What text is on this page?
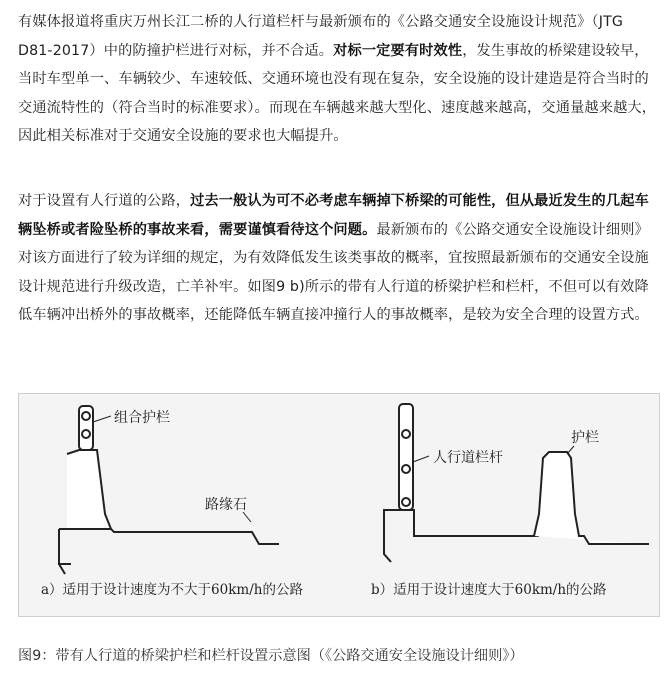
有媒体报道将重庆万州长江二桥的人行道栏杆与最新颁布的《公路交通安全设施设计规范》（JTG D81-2017）中的防撞护栏进行对标，并不合适。对标一定要有时效性，发生事故的桥梁建设较早，当时车型单一、车辆较少、车速较低、交通环境也没有现在复杂，安全设施的设计建造是符合当时的交通流特性的（符合当时的标准要求）。而现在车辆越来越大型化、速度越来越高，交通量越来越大，因此相关标准对于交通安全设施的要求也大幅提升。
对于设置有人行道的公路，过去一般认为可不必考虑车辆掉下桥梁的可能性，但从最近发生的几起车辆坠桥或者险坠桥的事故来看，需要谨慎看待这个问题。最新颁布的《公路交通安全设施设计细则》对该方面进行了较为详细的规定，为有效降低发生该类事故的概率，宜按照最新颁布的交通安全设施设计规范进行升级改造，亡羊补牢。如图9 b)所示的带有人行道的桥梁护栏和栏杆，不但可以有效降低车辆冲出桥外的事故概率，还能降低车辆直接冲撞行人的事故概率，是较为安全合理的设置方式。
组合护栏
路缘石
人行道栏杆
护栏
a）适用于设计速度为不大于60km/h的公路	b）适用于设计速度大于60km/h的公路
图9：带有人行道的桥梁护栏和栏杆设置示意图（《公路交通安全设施设计细则》）
